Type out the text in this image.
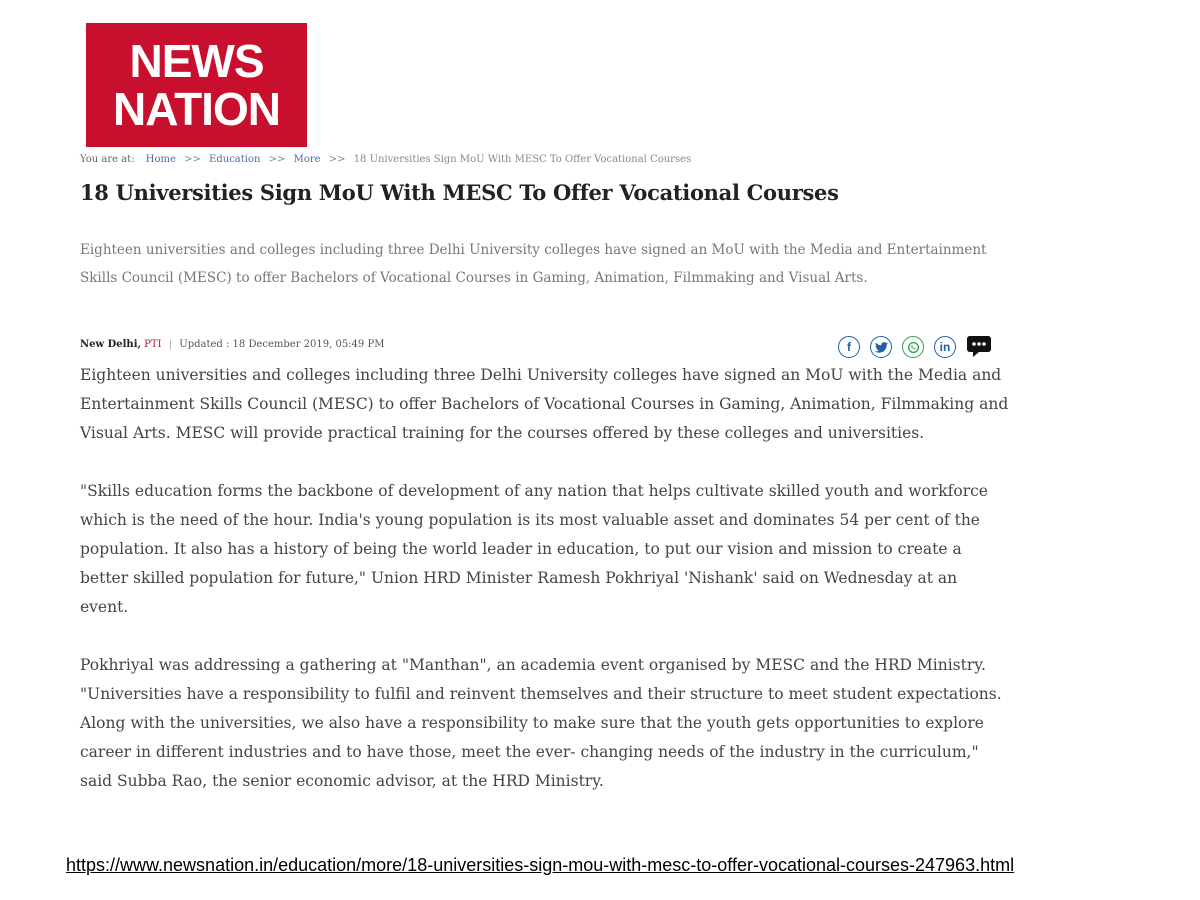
NEWS
NATION
You are at: Home >> Education >> More >> 18 Universities Sign MoU With MESC To Offer Vocational Courses
18 Universities Sign MoU With MESC To Offer Vocational Courses

Eighteen universities and colleges including three Delhi University colleges have signed an MoU with the Media and Entertainment Skills Council (MESC) to offer Bachelors of Vocational Courses in Gaming, Animation, Filmmaking and Visual Arts.

New Delhi, PTI | Updated : 18 December 2019, 05:49 PM	f	in

Eighteen universities and colleges including three Delhi University colleges have signed an MoU with the Media and Entertainment Skills Council (MESC) to offer Bachelors of Vocational Courses in Gaming, Animation, Filmmaking and Visual Arts. MESC will provide practical training for the courses offered by these colleges and universities.

"Skills education forms the backbone of development of any nation that helps cultivate skilled youth and workforce which is the need of the hour. India's young population is its most valuable asset and dominates 54 per cent of the population. It also has a history of being the world leader in education, to put our vision and mission to create a better skilled population for future," Union HRD Minister Ramesh Pokhriyal 'Nishank' said on Wednesday at an event.

Pokhriyal was addressing a gathering at "Manthan", an academia event organised by MESC and the HRD Ministry. "Universities have a responsibility to fulfil and reinvent themselves and their structure to meet student expectations. Along with the universities, we also have a responsibility to make sure that the youth gets opportunities to explore career in different industries and to have those, meet the ever- changing needs of the industry in the curriculum," said Subba Rao, the senior economic advisor, at the HRD Ministry.

https://www.newsnation.in/education/more/18-universities-sign-mou-with-mesc-to-offer-vocational-courses-247963.html
